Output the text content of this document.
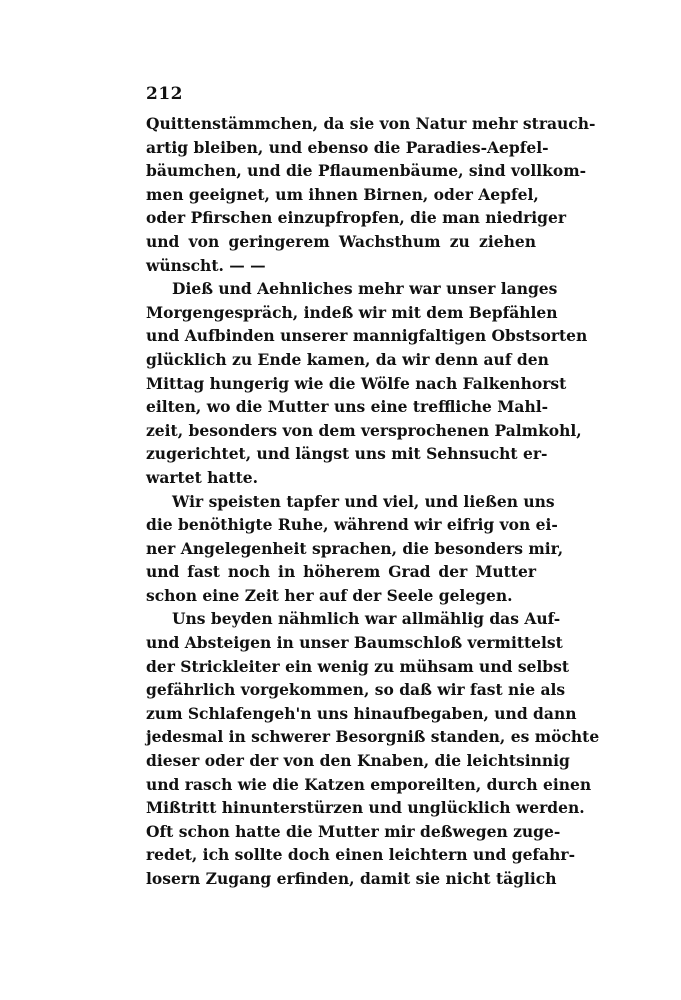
212
Quittenstämmchen, da sie von Natur mehr strauch-
artig bleiben, und ebenso die Paradies-Aepfel-
bäumchen, und die Pflaumenbäume, sind vollkom-
men geeignet, um ihnen Birnen, oder Aepfel,
oder Pfirschen einzupfropfen, die man niedriger
und von geringerem Wachsthum zu ziehen
wünscht. — —
Dieß und Aehnliches mehr war unser langes
Morgengespräch, indeß wir mit dem Bepfählen
und Aufbinden unserer mannigfaltigen Obstsorten
glücklich zu Ende kamen, da wir denn auf den
Mittag hungerig wie die Wölfe nach Falkenhorst
eilten, wo die Mutter uns eine treffliche Mahl-
zeit, besonders von dem versprochenen Palmkohl,
zugerichtet, und längst uns mit Sehnsucht er-
wartet hatte.
Wir speisten tapfer und viel, und ließen uns
die benöthigte Ruhe, während wir eifrig von ei-
ner Angelegenheit sprachen, die besonders mir,
und fast noch in höherem Grad der Mutter
schon eine Zeit her auf der Seele gelegen.
Uns beyden nähmlich war allmählig das Auf-
und Absteigen in unser Baumschloß vermittelst
der Strickleiter ein wenig zu mühsam und selbst
gefährlich vorgekommen, so daß wir fast nie als
zum Schlafengeh'n uns hinaufbegaben, und dann
jedesmal in schwerer Besorgniß standen, es möchte
dieser oder der von den Knaben, die leichtsinnig
und rasch wie die Katzen emporeilten, durch einen
Mißtritt hinunterstürzen und unglücklich werden.
Oft schon hatte die Mutter mir deßwegen zuge-
redet, ich sollte doch einen leichtern und gefahr-
losern Zugang erfinden, damit sie nicht täglich
